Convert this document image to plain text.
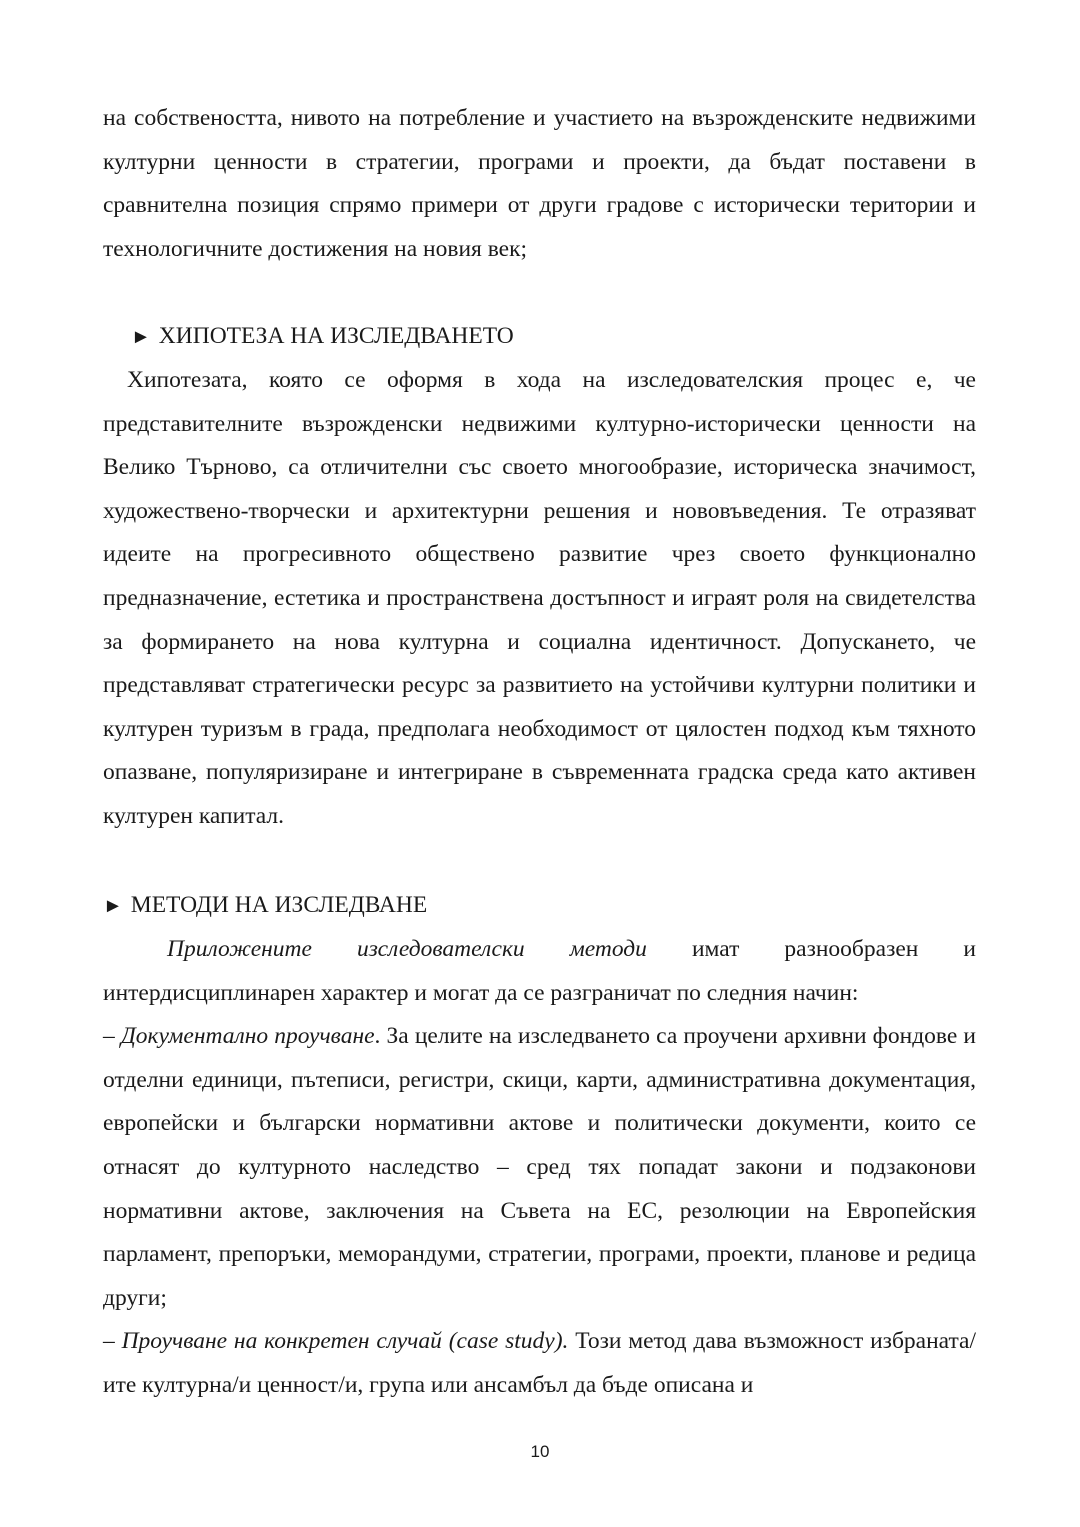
на собствеността, нивото на потребление и участието на възрожденските недвижими културни ценности в стратегии, програми и проекти, да бъдат поставени в сравнителна позиция спрямо примери от други градове с исторически територии и технологичните достижения на новия век;

► ХИПОТЕЗА НА ИЗСЛЕДВАНЕТО

Хипотезата, която се оформя в хода на изследователския процес е, че представителните възрожденски недвижими културно-исторически ценности на Велико Търново, са отличителни със своето многообразие, историческа значимост, художествено-творчески и архитектурни решения и нововъведения. Те отразяват идеите на прогресивното обществено развитие чрез своето функционално предназначение, естетика и пространствена достъпност и играят роля на свидетелства за формирането на нова културна и социална идентичност. Допускането, че представляват стратегически ресурс за развитието на устойчиви културни политики и културен туризъм в града, предполага необходимост от цялостен подход към тяхното опазване, популяризиране и интегриране в съвременната градска среда като активен културен капитал.

► МЕТОДИ НА ИЗСЛЕДВАНЕ

Приложените изследователски методи имат разнообразен и интердисциплинарен характер и могат да се разграничат по следния начин:

– Документално проучване. За целите на изследването са проучени архивни фондове и отделни единици, пътеписи, регистри, скици, карти, административна документация, европейски и български нормативни актове и политически документи, които се отнасят до културното наследство – сред тях попадат закони и подзаконови нормативни актове, заключения на Съвета на ЕС, резолюции на Европейския парламент, препоръки, меморандуми, стратегии, програми, проекти, планове и редица други;

– Проучване на конкретен случай (case study). Този метод дава възможност избраната/ите културна/и ценност/и, група или ансамбъл да бъде описана и

10
